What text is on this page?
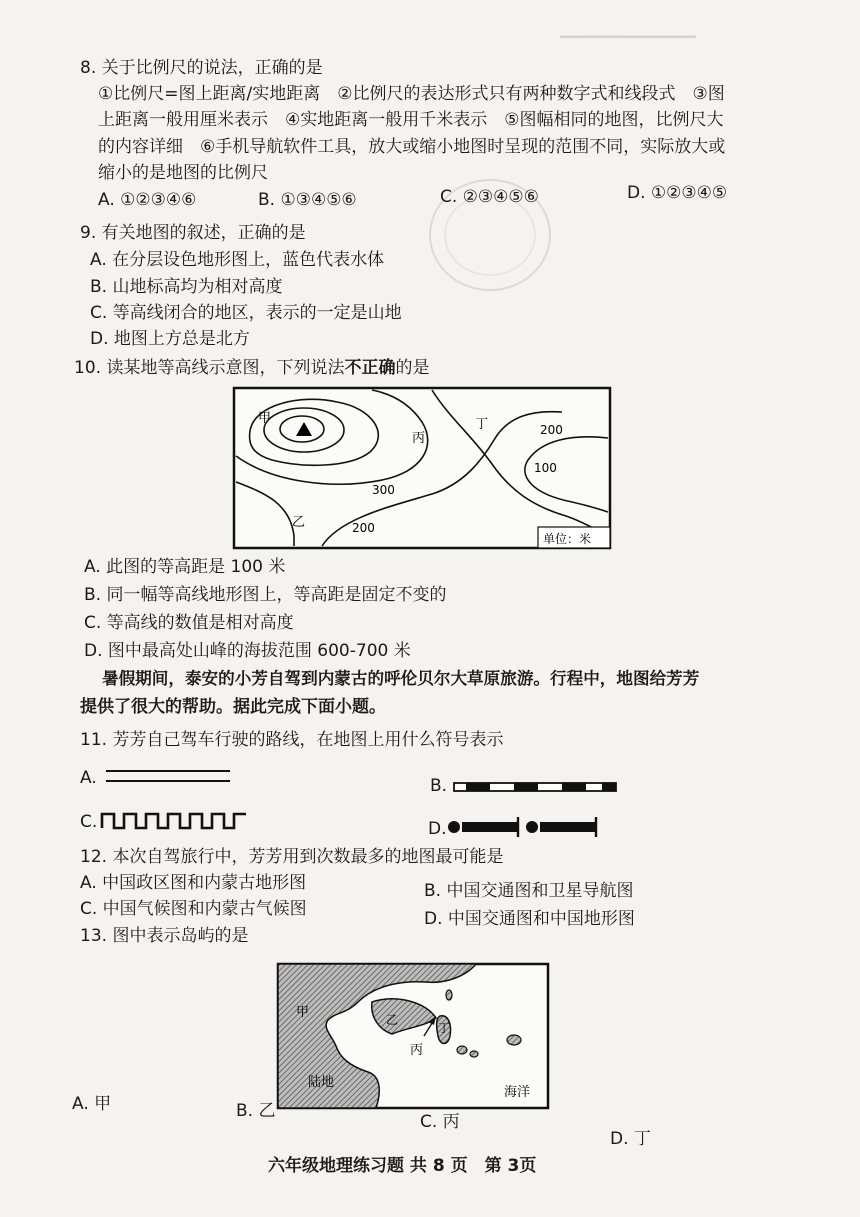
━━━━━━━━━━━━━━━
8. 关于比例尺的说法，正确的是
①比例尺=图上距离/实地距离　②比例尺的表达形式只有两种数字式和线段式　③图
上距离一般用厘米表示　④实地距离一般用千米表示　⑤图幅相同的地图，比例尺大
的内容详细　⑥手机导航软件工具，放大或缩小地图时呈现的范围不同，实际放大或
缩小的是地图的比例尺
A. ①②③④⑥	B. ①③④⑤⑥	C. ②③④⑤⑥	D. ①②③④⑤
9. 有关地图的叙述，正确的是
A. 在分层设色地形图上，蓝色代表水体
B. 山地标高均为相对高度
C. 等高线闭合的地区，表示的一定是山地
D. 地图上方总是北方
10. 读某地等高线示意图，下列说法不正确的是
甲
丙
丁
乙
300
200
200
100
单位：米
A. 此图的等高距是 100 米
B. 同一幅等高线地形图上，等高距是固定不变的
C. 等高线的数值是相对高度
D. 图中最高处山峰的海拔范围 600-700 米
暑假期间，泰安的小芳自驾到内蒙古的呼伦贝尔大草原旅游。行程中，地图给芳芳
提供了很大的帮助。据此完成下面小题。
11. 芳芳自己驾车行驶的路线，在地图上用什么符号表示
A.	B.
C.	D.
12. 本次自驾旅行中，芳芳用到次数最多的地图最可能是
A. 中国政区图和内蒙古地形图	B. 中国交通图和卫星导航图
C. 中国气候图和内蒙古气候图	D. 中国交通图和中国地形图
13. 图中表示岛屿的是
甲	乙
丁
丙
陆地
海洋
A. 甲	B. 乙
C. 丙
D. 丁
六年级地理练习题 共 8 页　第 3页
